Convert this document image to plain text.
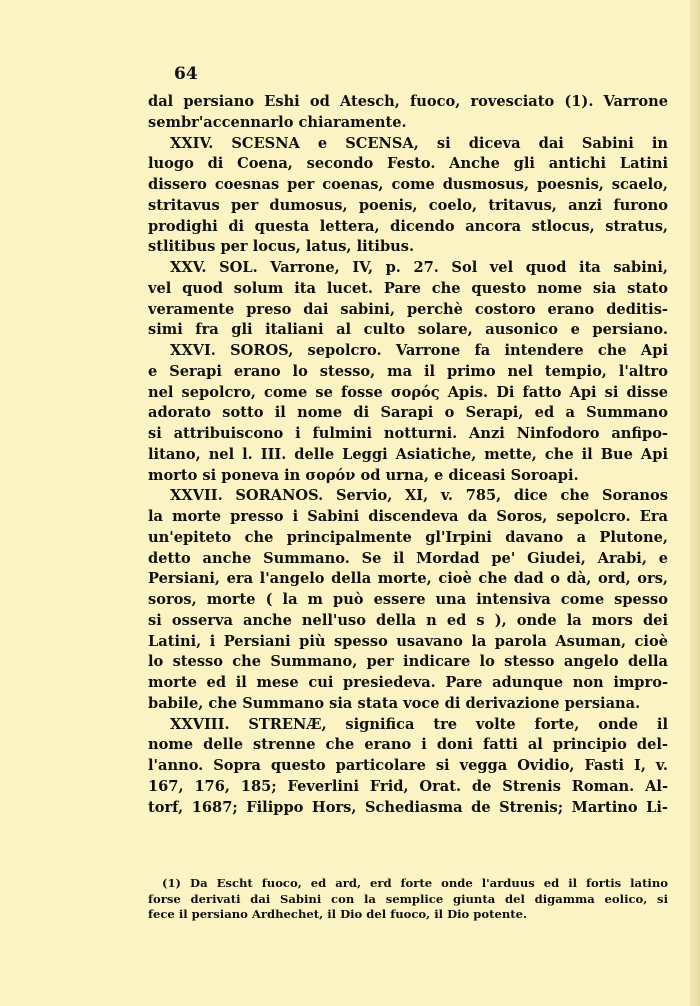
64
dal persiano Eshi od Atesch, fuoco, rovesciato (1). Varrone
sembr'accennarlo chiaramente.
XXIV. SCESNA e SCENSA, si diceva dai Sabini in
luogo di Coena, secondo Festo. Anche gli antichi Latini
dissero coesnas per coenas, come dusmosus, poesnis, scaelo,
stritavus per dumosus, poenis, coelo, tritavus, anzi furono
prodighi di questa lettera, dicendo ancora stlocus, stratus,
stlitibus per locus, latus, litibus.
XXV. SOL. Varrone, IV, p. 27. Sol vel quod ita sabini,
vel quod solum ita lucet. Pare che questo nome sia stato
veramente preso dai sabini, perchè costoro erano deditis-
simi fra gli italiani al culto solare, ausonico e persiano.
XXVI. SOROS, sepolcro. Varrone fa intendere che Api
e Serapi erano lo stesso, ma il primo nel tempio, l'altro
nel sepolcro, come se fosse σορός Apis. Di fatto Api si disse
adorato sotto il nome di Sarapi o Serapi, ed a Summano
si attribuiscono i fulmini notturni. Anzi Ninfodoro anfipo-
litano, nel l. III. delle Leggi Asiatiche, mette, che il Bue Api
morto si poneva in σορόν od urna, e diceasi Soroapi.
XXVII. SORANOS. Servio, XI, v. 785, dice che Soranos
la morte presso i Sabini discendeva da Soros, sepolcro. Era
un'epiteto che principalmente gl'Irpini davano a Plutone,
detto anche Summano. Se il Mordad pe' Giudei, Arabi, e
Persiani, era l'angelo della morte, cioè che dad o dà, ord, ors,
soros, morte ( la m può essere una intensiva come spesso
si osserva anche nell'uso della n ed s ), onde la mors dei
Latini, i Persiani più spesso usavano la parola Asuman, cioè
lo stesso che Summano, per indicare lo stesso angelo della
morte ed il mese cui presiedeva. Pare adunque non impro-
babile, che Summano sia stata voce di derivazione persiana.
XXVIII. STRENÆ, significa tre volte forte, onde il
nome delle strenne che erano i doni fatti al principio del-
l'anno. Sopra questo particolare si vegga Ovidio, Fasti I, v.
167, 176, 185; Feverlini Frid, Orat. de Strenis Roman. Al-
torf, 1687; Filippo Hors, Schediasma de Strenis; Martino Li-
(1) Da Escht fuoco, ed ard, erd forte onde l'arduus ed il fortis latino
forse derivati dai Sabini con la semplice giunta del digamma eolico, si
fece il persiano Ardhechet, il Dio del fuoco, il Dio potente.
